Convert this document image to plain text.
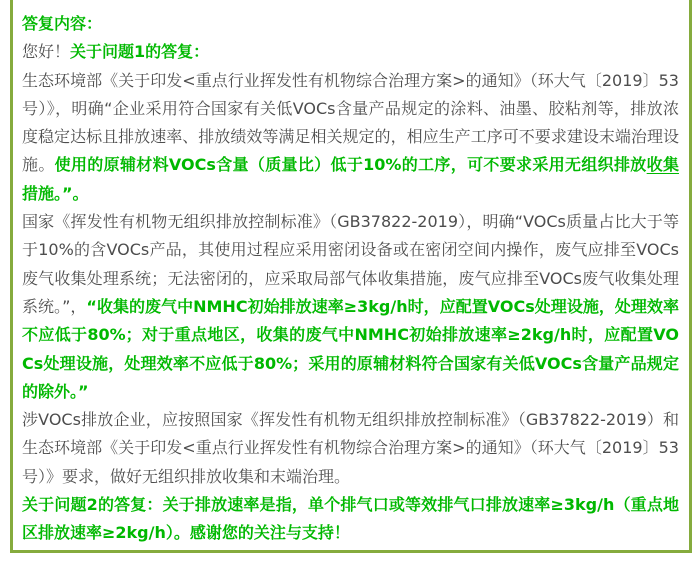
答复内容：

您好！关于问题1的答复：

生态环境部《关于印发<重点行业挥发性有机物综合治理方案>的通知》（环大气〔2019〕53号）》，明确“企业采用符合国家有关低VOCs含量产品规定的涂料、油墨、胶粘剂等，排放浓度稳定达标且排放速率、排放绩效等满足相关规定的，相应生产工序可不要求建设末端治理设施。使用的原辅材料VOCs含量（质量比）低于10%的工序，可不要求采用无组织排放收集措施。”。

国家《挥发性有机物无组织排放控制标准》（GB37822-2019），明确“VOCs质量占比大于等于10%的含VOCs产品，其使用过程应采用密闭设备或在密闭空间内操作，废气应排至VOCs废气收集处理系统；无法密闭的，应采取局部气体收集措施，废气应排至VOCs废气收集处理系统。”，“收集的废气中NMHC初始排放速率≥3kg/h时，应配置VOCs处理设施，处理效率不应低于80%；对于重点地区，收集的废气中NMHC初始排放速率≥2kg/h时，应配置VOCs处理设施，处理效率不应低于80%；采用的原辅材料符合国家有关低VOCs含量产品规定的除外。”

涉VOCs排放企业，应按照国家《挥发性有机物无组织排放控制标准》（GB37822-2019）和生态环境部《关于印发<重点行业挥发性有机物综合治理方案>的通知》（环大气〔2019〕53号）》要求，做好无组织排放收集和末端治理。

关于问题2的答复：关于排放速率是指，单个排气口或等效排气口排放速率≥3kg/h（重点地区排放速率≥2kg/h）。感谢您的关注与支持！
